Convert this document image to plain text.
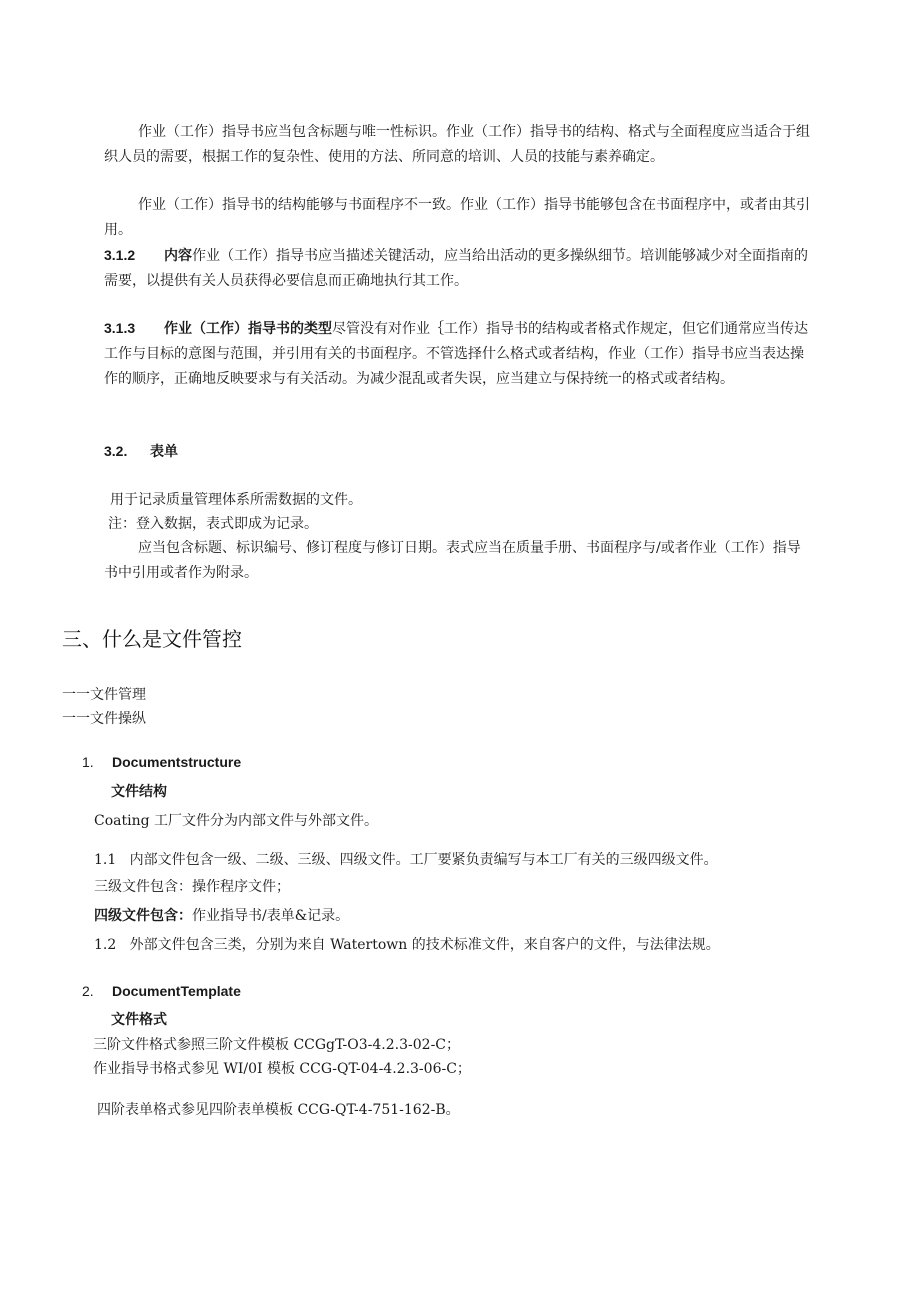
作业（工作）指导书应当包含标题与唯一性标识。作业（工作）指导书的结构、格式与全面程度应当适合于组织人员的需要，根据工作的复杂性、使用的方法、所同意的培训、人员的技能与素养确定。

作业（工作）指导书的结构能够与书面程序不一致。作业（工作）指导书能够包含在书面程序中，或者由其引用。

3.1.2 内容作业（工作）指导书应当描述关键活动，应当给出活动的更多操纵细节。培训能够减少对全面指南的需要，以提供有关人员获得必要信息而正确地执行其工作。

3.1.3 作业（工作）指导书的类型尽管没有对作业｛工作）指导书的结构或者格式作规定，但它们通常应当传达工作与目标的意图与范围，并引用有关的书面程序。不管选择什么格式或者结构，作业（工作）指导书应当表达操作的顺序，正确地反映要求与有关活动。为减少混乱或者失误，应当建立与保持统一的格式或者结构。

3.2. 表单

用于记录质量管理体系所需数据的文件。

注：登入数据，表式即成为记录。

应当包含标题、标识编号、修订程度与修订日期。表式应当在质量手册、书面程序与/或者作业（工作）指导书中引用或者作为附录。

三、什么是文件管控

一一文件管理

一一文件操纵

1. Documentstructure

文件结构

Coating 工厂文件分为内部文件与外部文件。

1.1   内部文件包含一级、二级、三级、四级文件。工厂要紧负责编写与本工厂有关的三级四级文件。

三级文件包含：操作程序文件；

四级文件包含：作业指导书/表单&记录。

1.2   外部文件包含三类，分别为来自 Watertown 的技术标准文件，来自客户的文件，与法律法规。

2. DocumentTemplate

文件格式

三阶文件格式参照三阶文件模板 CCGgT-O3-4.2.3-02-C；

作业指导书格式参见 WI/0I 模板 CCG-QT-04-4.2.3-06-C；

四阶表单格式参见四阶表单模板 CCG-QT-4-751-162-B。
